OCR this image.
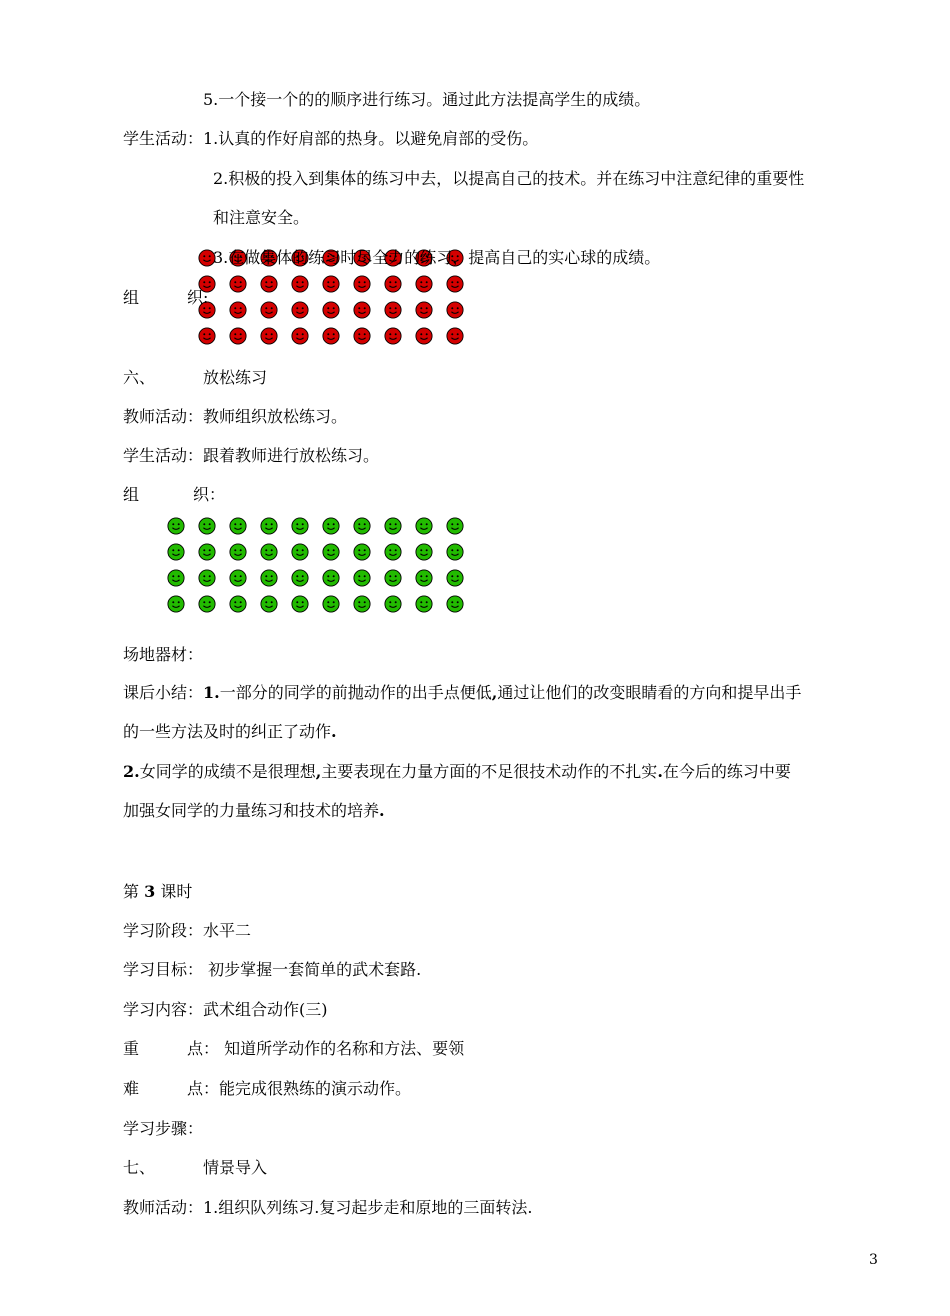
5.一个接一个的的顺序进行练习。通过此方法提高学生的成绩。
学生活动：1.认真的作好肩部的热身。以避免肩部的受伤。
2.积极的投入到集体的练习中去，以提高自己的技术。并在练习中注意纪律的重要性
和注意安全。
3.在做集体的练习时尽全力的练习，提高自己的实心球的成绩。
组	织:
六、	放松练习
教师活动：教师组织放松练习。
学生活动：跟着教师进行放松练习。
组	织：
场地器材：
课后小结：1.一部分的同学的前抛动作的出手点便低,通过让他们的改变眼睛看的方向和提早出手
的一些方法及时的纠正了动作.
2.女同学的成绩不是很理想,主要表现在力量方面的不足很技术动作的不扎实.在今后的练习中要
加强女同学的力量练习和技术的培养.
第 3 课时
学习阶段：水平二
学习目标： 初步掌握一套简单的武术套路.
学习内容：武术组合动作(三)
重	点： 知道所学动作的名称和方法、要领
难	点：能完成很熟练的演示动作。
学习步骤：
七、	情景导入
教师活动：1.组织队列练习.复习起步走和原地的三面转法.
3
